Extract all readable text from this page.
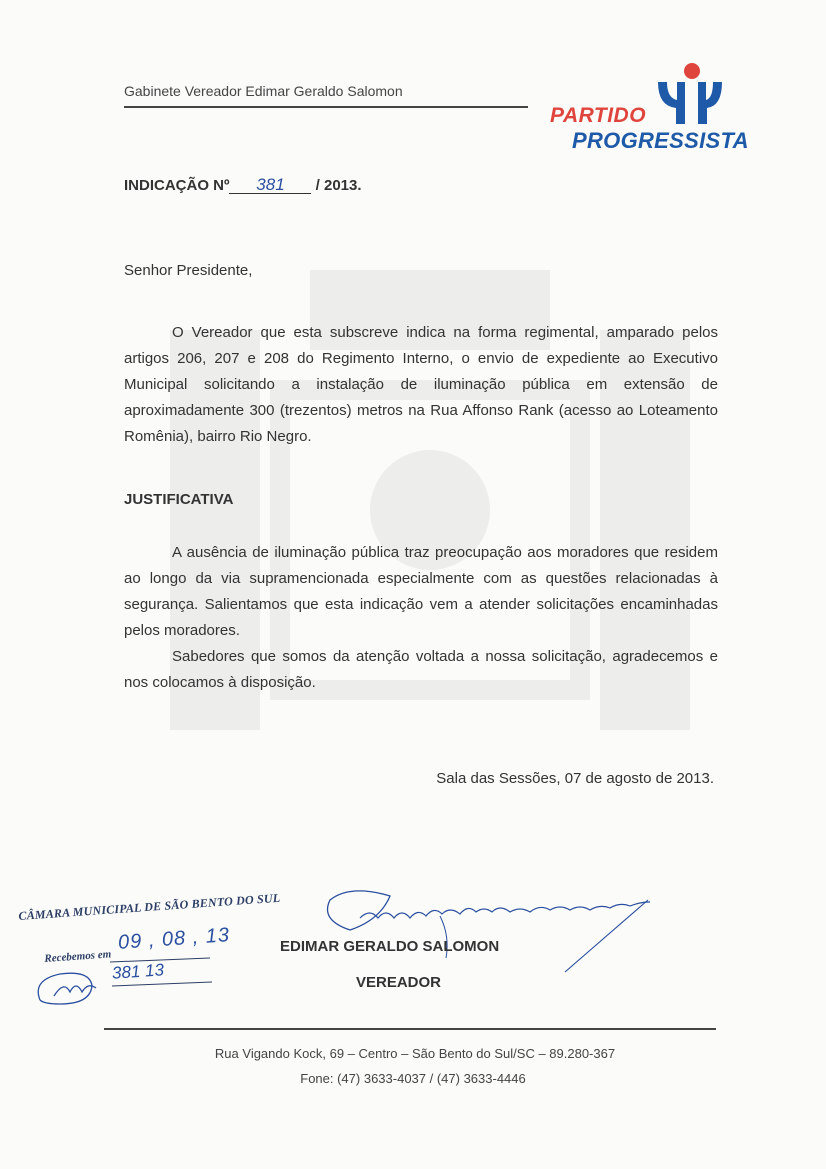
Gabinete Vereador Edimar Geraldo Salomon
PARTIDO
PROGRESSISTA
INDICAÇÃO Nº 381 / 2013.
Senhor Presidente,

O Vereador que esta subscreve indica na forma regimental, amparado pelos artigos 206, 207 e 208 do Regimento Interno, o envio de expediente ao Executivo Municipal solicitando a instalação de iluminação pública em extensão de aproximadamente 300 (trezentos) metros na Rua Affonso Rank (acesso ao Loteamento Romênia), bairro Rio Negro.

JUSTIFICATIVA

A ausência de iluminação pública traz preocupação aos moradores que residem ao longo da via supramencionada especialmente com as questões relacionadas à segurança. Salientamos que esta indicação vem a atender solicitações encaminhadas pelos moradores.

Sabedores que somos da atenção voltada a nossa solicitação, agradecemos e nos colocamos à disposição.

Sala das Sessões, 07 de agosto de 2013.
CÂMARA MUNICIPAL DE SÃO BENTO DO SUL
Recebemos em
09 , 08 , 13
381 13
EDIMAR GERALDO SALOMON
VEREADOR
Rua Vigando Kock, 69 – Centro – São Bento do Sul/SC – 89.280-367
Fone: (47) 3633-4037 / (47) 3633-4446
